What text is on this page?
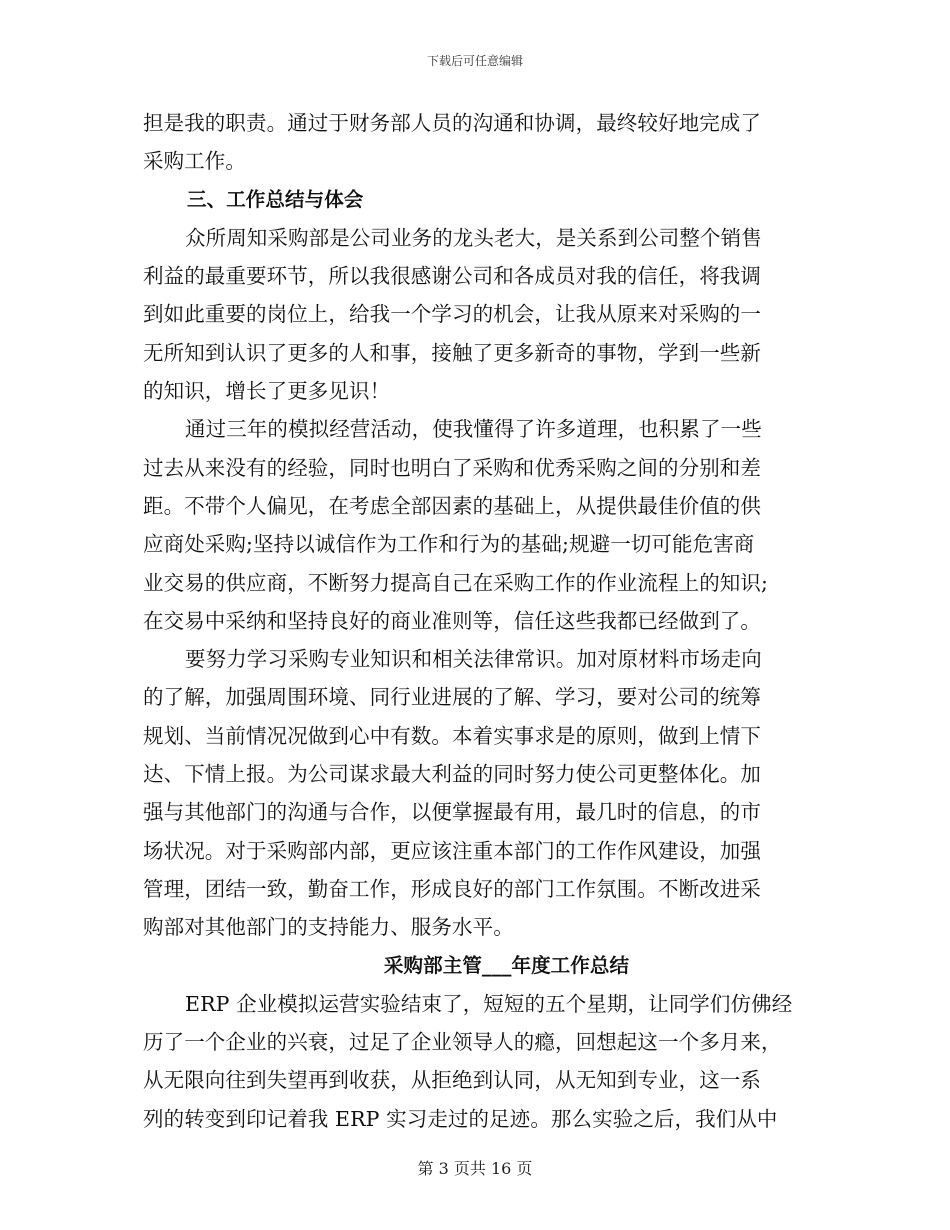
下载后可任意编辑
担是我的职责。通过于财务部人员的沟通和协调，最终较好地完成了
采购工作。
三、工作总结与体会
众所周知采购部是公司业务的龙头老大，是关系到公司整个销售
利益的最重要环节，所以我很感谢公司和各成员对我的信任，将我调
到如此重要的岗位上，给我一个学习的机会，让我从原来对采购的一
无所知到认识了更多的人和事，接触了更多新奇的事物，学到一些新
的知识，增长了更多见识！
通过三年的模拟经营活动，使我懂得了许多道理，也积累了一些
过去从来没有的经验，同时也明白了采购和优秀采购之间的分别和差
距。不带个人偏见，在考虑全部因素的基础上，从提供最佳价值的供
应商处采购;坚持以诚信作为工作和行为的基础;规避一切可能危害商
业交易的供应商，不断努力提高自己在采购工作的作业流程上的知识;
在交易中采纳和坚持良好的商业准则等，信任这些我都已经做到了。
要努力学习采购专业知识和相关法律常识。加对原材料市场走向
的了解，加强周围环境、同行业进展的了解、学习，要对公司的统筹
规划、当前情况况做到心中有数。本着实事求是的原则，做到上情下
达、下情上报。为公司谋求最大利益的同时努力使公司更整体化。加
强与其他部门的沟通与合作，以便掌握最有用，最几时的信息，的市
场状况。对于采购部内部，更应该注重本部门的工作作风建设，加强
管理，团结一致，勤奋工作，形成良好的部门工作氛围。不断改进采
购部对其他部门的支持能力、服务水平。
采购部主管___年度工作总结
ERP 企业模拟运营实验结束了，短短的五个星期，让同学们仿佛经
历了一个企业的兴衰，过足了企业领导人的瘾，回想起这一个多月来，
从无限向往到失望再到收获，从拒绝到认同，从无知到专业，这一系
列的转变到印记着我 ERP 实习走过的足迹。那么实验之后，我们从中
第 3 页共 16 页
